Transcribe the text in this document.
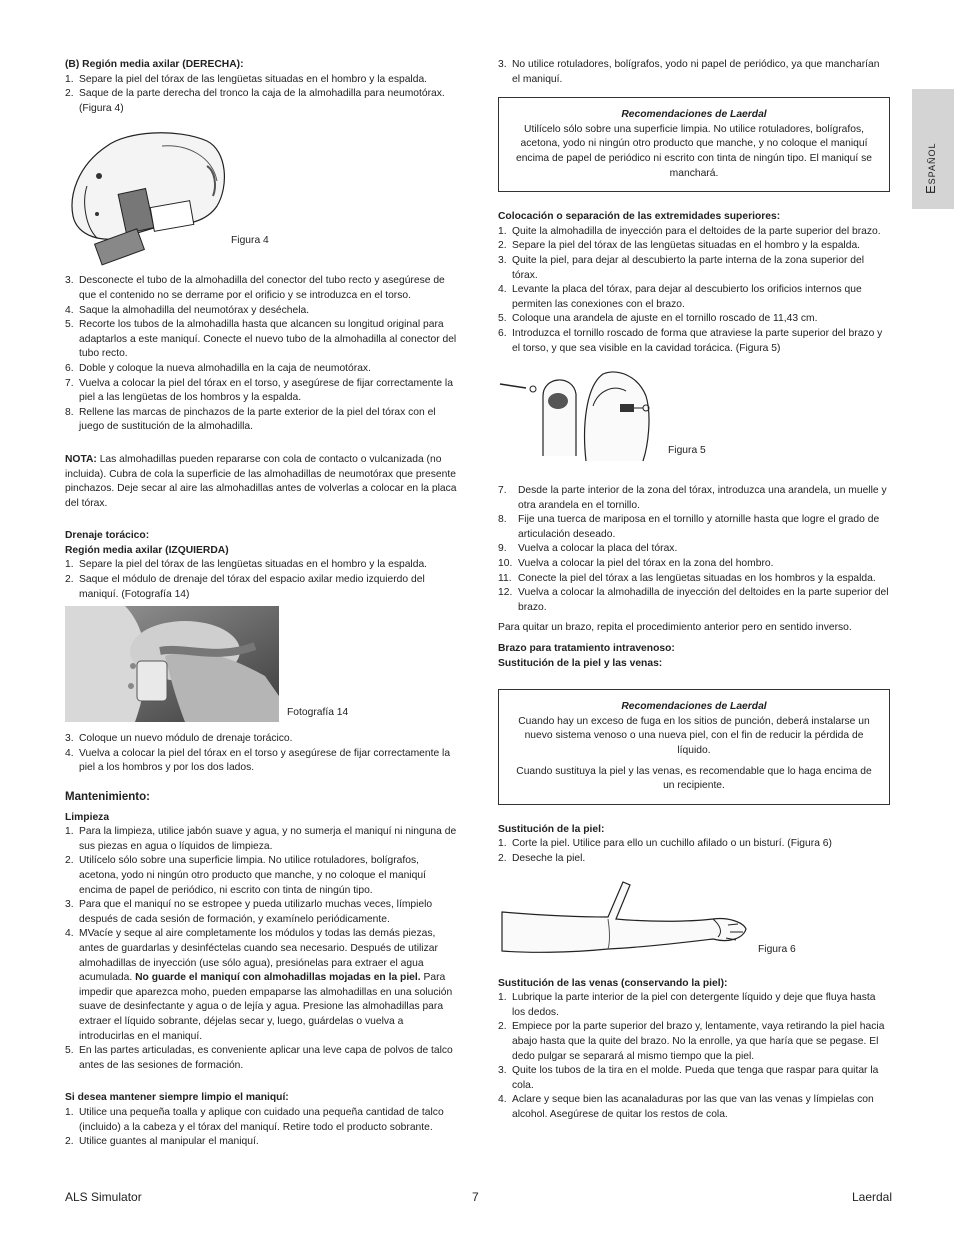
Español

(B) Región media axilar (DERECHA):

1. Separe la piel del tórax de las lengüetas situadas en el hombro y la espalda.
2. Saque de la parte derecha del tronco la caja de la almohadilla para neumotórax. (Figura 4)
Figura 4
3. Desconecte el tubo de la almohadilla del conector del tubo recto y asegúrese de que el contenido no se derrame por el orificio y se introduzca en el torso.
4. Saque la almohadilla del neumotórax y deséchela.
5. Recorte los tubos de la almohadilla hasta que alcancen su longitud original para adaptarlos a este maniquí. Conecte el nuevo tubo de la almohadilla al conector del tubo recto.
6. Doble y coloque la nueva almohadilla en la caja de neumotórax.
7. Vuelva a colocar la piel del tórax en el torso, y asegúrese de fijar correctamente la piel a las lengüetas de los hombros y la espalda.
8. Rellene las marcas de pinchazos de la parte exterior de la piel del tórax con el juego de sustitución de la almohadilla.

NOTA: Las almohadillas pueden repararse con cola de contacto o vulcanizada (no incluida). Cubra de cola la superficie de las almohadillas de neumotórax que presente pinchazos. Deje secar al aire las almohadillas antes de volverlas a colocar en la placa del tórax.

Drenaje torácico:

Región media axilar (IZQUIERDA)

1. Separe la piel del tórax de las lengüetas situadas en el hombro y la espalda.
2. Saque el módulo de drenaje del tórax del espacio axilar medio izquierdo del maniquí. (Fotografía 14)
Fotografía 14
3. Coloque un nuevo módulo de drenaje torácico.
4. Vuelva a colocar la piel del tórax en el torso y asegúrese de fijar correctamente la piel a los hombros y por los dos lados.

Mantenimiento:

Limpieza

1. Para la limpieza, utilice jabón suave y agua, y no sumerja el maniquí ni ninguna de sus piezas en agua o líquidos de limpieza.
2. Utilícelo sólo sobre una superficie limpia. No utilice rotuladores, bolígrafos, acetona, yodo ni ningún otro producto que manche, y no coloque el maniquí encima de papel de periódico, ni escrito con tinta de ningún tipo.
3. Para que el maniquí no se estropee y pueda utilizarlo muchas veces, límpielo después de cada sesión de formación, y examínelo periódicamente.
4. MVacíe y seque al aire completamente los módulos y todas las demás piezas, antes de guardarlas y desinféctelas cuando sea necesario. Después de utilizar almohadillas de inyección (use sólo agua), presiónelas para extraer el agua acumulada. No guarde el maniquí con almohadillas mojadas en la piel. Para impedir que aparezca moho, pueden empaparse las almohadillas en una solución suave de desinfectante y agua o de lejía y agua. Presione las almohadillas para extraer el líquido sobrante, déjelas secar y, luego, guárdelas o vuelva a introducirlas en el maniquí.
5. En las partes articuladas, es conveniente aplicar una leve capa de polvos de talco antes de las sesiones de formación.

Si desea mantener siempre limpio el maniquí:

1. Utilice una pequeña toalla y aplique con cuidado una pequeña cantidad de talco (incluido) a la cabeza y el tórax del maniquí. Retire todo el producto sobrante.
2. Utilice guantes al manipular el maniquí.
3. No utilice rotuladores, bolígrafos, yodo ni papel de periódico, ya que mancharían el maniquí.

Recomendaciones de Laerdal

Utilícelo sólo sobre una superficie limpia. No utilice rotuladores, bolígrafos, acetona, yodo ni ningún otro producto que manche, y no coloque el maniquí encima de papel de periódico ni escrito con tinta de ningún tipo. El maniquí se manchará.

Colocación o separación de las extremidades superiores:

1. Quite la almohadilla de inyección para el deltoides de la parte superior del brazo.
2. Separe la piel del tórax de las lengüetas situadas en el hombro y la espalda.
3. Quite la piel, para dejar al descubierto la parte interna de la zona superior del tórax.
4. Levante la placa del tórax, para dejar al descubierto los orificios internos que permiten las conexiones con el brazo.
5. Coloque una arandela de ajuste en el tornillo roscado de 11,43 cm.
6. Introduzca el tornillo roscado de forma que atraviese la parte superior del brazo y el torso, y que sea visible en la cavidad torácica. (Figura 5)
Figura 5
7. Desde la parte interior de la zona del tórax, introduzca una arandela, un muelle y otra arandela en el tornillo.
8. Fije una tuerca de mariposa en el tornillo y atornille hasta que logre el grado de articulación deseado.
9. Vuelva a colocar la placa del tórax.
10. Vuelva a colocar la piel del tórax en la zona del hombro.
11. Conecte la piel del tórax a las lengüetas situadas en los hombros y la espalda.
12. Vuelva a colocar la almohadilla de inyección del deltoides en la parte superior del brazo.

Para quitar un brazo, repita el procedimiento anterior pero en sentido inverso.

Brazo para tratamiento intravenoso:

Sustitución de la piel y las venas:

Recomendaciones de Laerdal

Cuando hay un exceso de fuga en los sitios de punción, deberá instalarse un nuevo sistema venoso o una nueva piel, con el fin de reducir la pérdida de líquido.

Cuando sustituya la piel y las venas, es recomendable que lo haga encima de un recipiente.

Sustitución de la piel:

1. Corte la piel. Utilice para ello un cuchillo afilado o un bisturí. (Figura 6)
2. Deseche la piel.
Figura 6

Sustitución de las venas (conservando la piel):

1. Lubrique la parte interior de la piel con detergente líquido y deje que fluya hasta los dedos.
2. Empiece por la parte superior del brazo y, lentamente, vaya retirando la piel hacia abajo hasta que la quite del brazo. No la enrolle, ya que haría que se pegase. El dedo pulgar se separará al mismo tiempo que la piel.
3. Quite los tubos de la tira en el molde. Pueda que tenga que raspar para quitar la cola.
4. Aclare y seque bien las acanaladuras por las que van las venas y límpielas con alcohol. Asegúrese de quitar los restos de cola.
ALS Simulator	7	Laerdal
